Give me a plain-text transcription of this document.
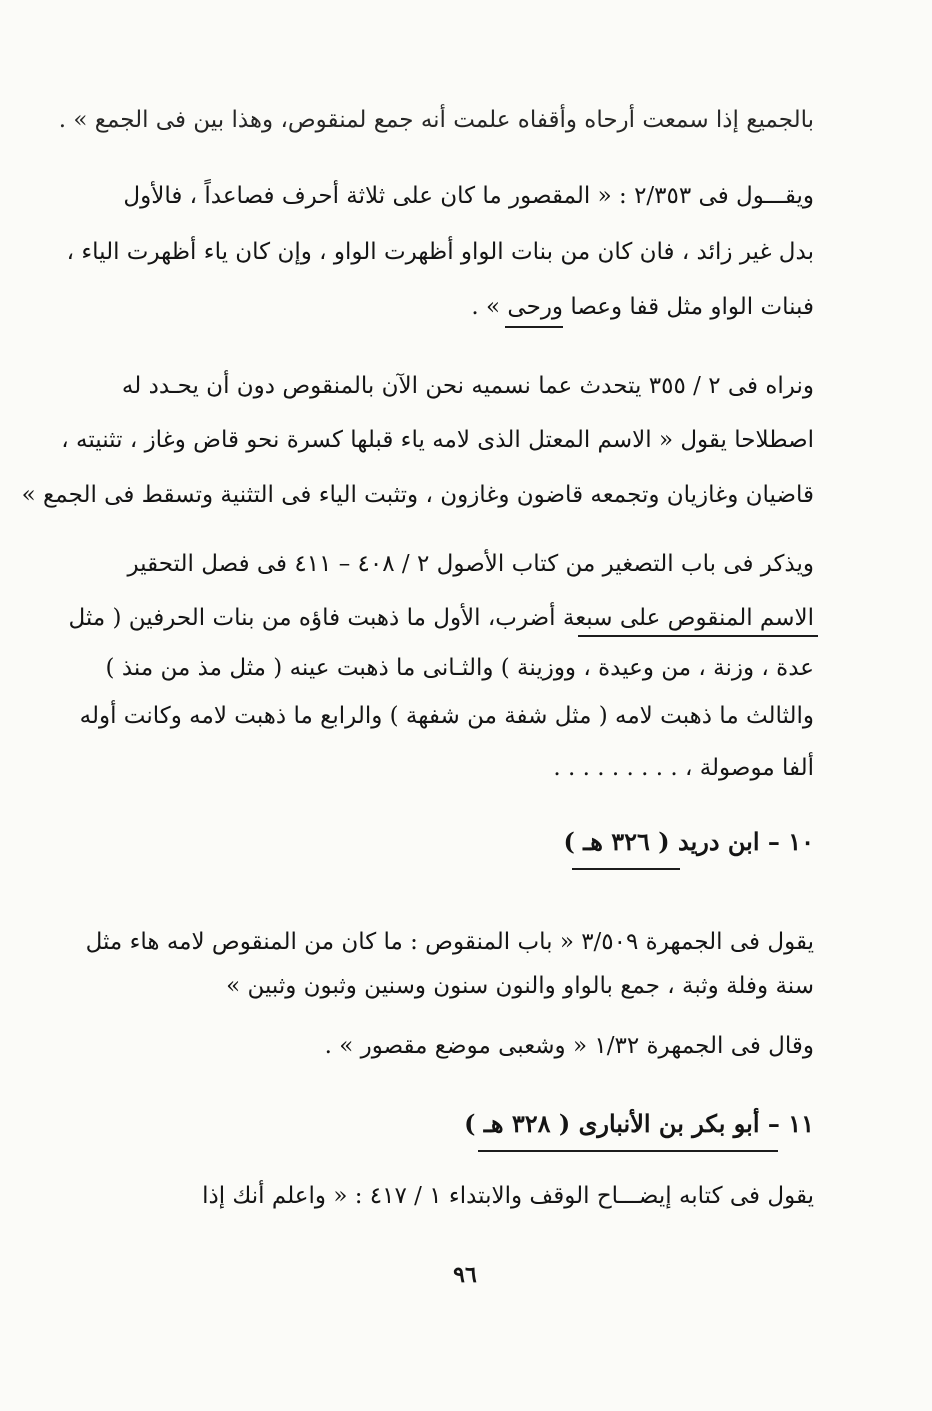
بالجميع إذا سمعت أرحاه وأقفاه علمت أنه جمع لمنقوص، وهذا بين فى الجمع » .
ويقـــول فى ٢/٣٥٣ : « المقصور ما كان على ثلاثة أحرف فصاعداً ، فالأول
بدل غير زائد ، فان كان من بنات الواو أظهرت الواو ، وإن كان ياء أظهرت الياء ،
فبنات الواو مثل قفا وعصا ورحى » .
ونراه فى ٢ / ٣٥٥ يتحدث عما نسميه نحن الآن بالمنقوص دون أن يحـدد له
اصطلاحا يقول « الاسم المعتل الذى لامه ياء قبلها كسرة نحو قاض وغاز ، تثنيته ،
قاضيان وغازيان وتجمعه قاضون وغازون ، وتثبت الياء فى التثنية وتسقط فى الجمع »
ويذكر فى باب التصغير من كتاب الأصول ٢ / ٤٠٨ – ٤١١ فى فصل التحقير
الاسم المنقوص على سبعة أضرب، الأول ما ذهبت فاؤه من بنات الحرفين ( مثل
عدة ، وزنة ، من وعيدة ، ووزينة ) والثـانى ما ذهبت عينه ( مثل مذ من منذ )
والثالث ما ذهبت لامه ( مثل شفة من شفهة ) والرابع ما ذهبت لامه وكانت أوله
ألفا موصولة ، . . . . . . . . .
١٠ – ابن دريد ( ٣٢٦ هـ )
يقول فى الجمهرة ٣/٥٠٩ « باب المنقوص : ما كان من المنقوص لامه هاء مثل
سنة وفلة وثبة ، جمع بالواو والنون سنون وسنين وثبون وثبين »
وقال فى الجمهرة ١/٣٢ « وشعبى موضع مقصور » .
١١ – أبو بكر بن الأنبارى ( ٣٢٨ هـ )
يقول فى كتابه إيضـــاح الوقف والابتداء ١ / ٤١٧ : « واعلم أنك إذا
٩٦
